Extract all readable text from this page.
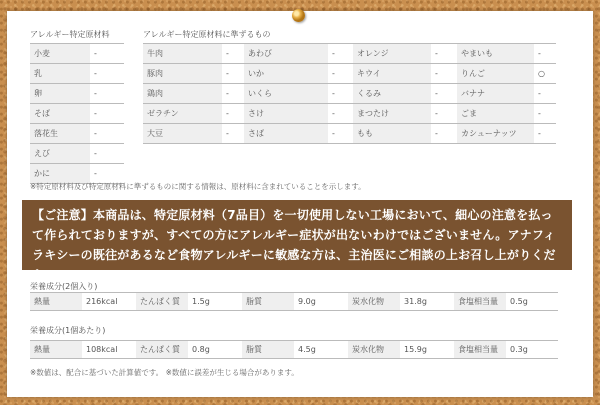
アレルギー特定原材料
小麦	-
乳	-
卵	-
そば	-
落花生	-
えび	-
かに	-
アレルギー特定原材料に準ずるもの
牛肉	-	あわび	-	オレンジ	-	やまいも	-
豚肉	-	いか	-	キウイ	-	りんご	○
鶏肉	-	いくら	-	くるみ	-	バナナ	-
ゼラチン	-	さけ	-	まつたけ	-	ごま	-
大豆	-	さば	-	もも	-	カシューナッツ	-
※特定原材料及び特定原材料に準ずるものに関する情報は、原材料に含まれていることを示します。
【ご注意】本商品は、特定原材料（7品目）を一切使用しない工場において、細心の注意を払って作られておりますが、すべての方にアレルギー症状が出ないわけではございません。アナフィラキシーの既往があるなど食物アレルギーに敏感な方は、主治医にご相談の上お召し上がりください。
栄養成分(2個入り)
熱量	216kcal	たんぱく質	1.5g	脂質	9.0g	炭水化物	31.8g	食塩相当量	0.5g
栄養成分(1個あたり)
熱量	108kcal	たんぱく質	0.8g	脂質	4.5g	炭水化物	15.9g	食塩相当量	0.3g
※数値は、配合に基づいた計算値です。 ※数値に誤差が生じる場合があります。
